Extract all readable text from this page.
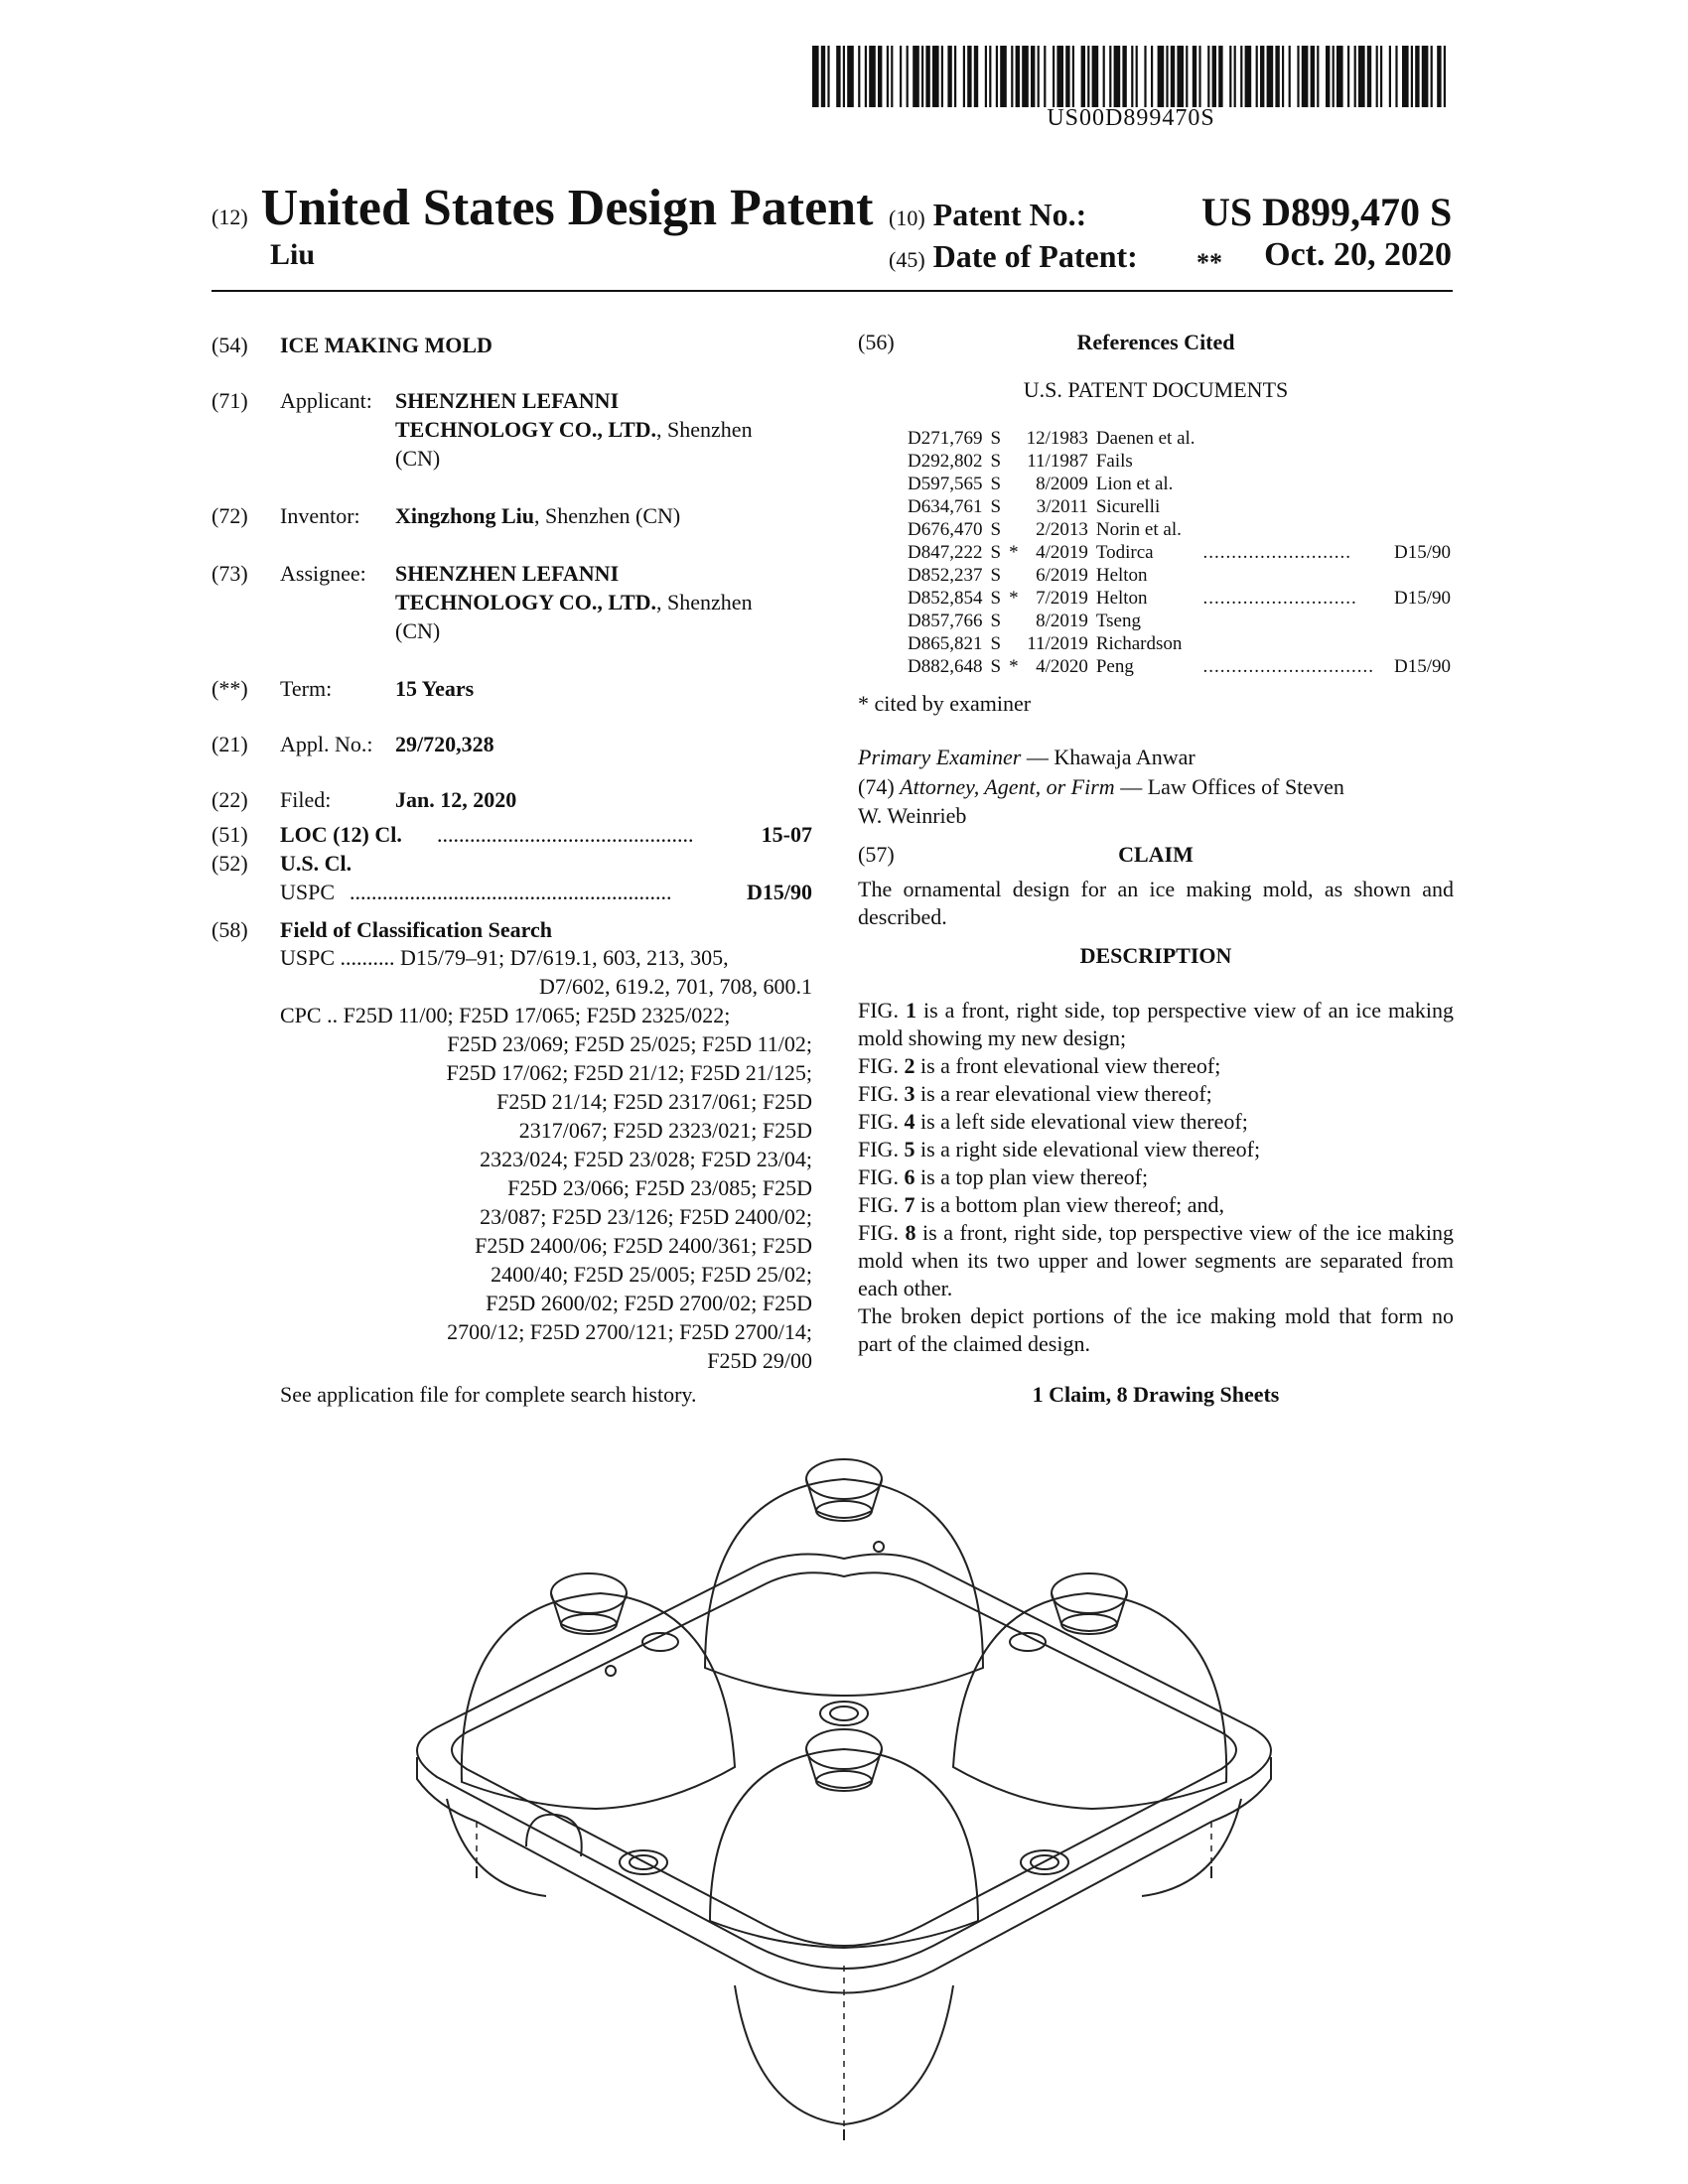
US00D899470S
(12) United States Design Patent
Liu
(10) Patent No.:	US D899,470 S
(45) Date of Patent: **	Oct. 20, 2020
(54) ICE MAKING MOLD
(71) Applicant: SHENZHEN LEFANNI
TECHNOLOGY CO., LTD., Shenzhen
(CN)
(72) Inventor: Xingzhong Liu, Shenzhen (CN)
(73) Assignee: SHENZHEN LEFANNI
TECHNOLOGY CO., LTD., Shenzhen
(CN)
(**) Term:	15 Years
(21) Appl. No.: 29/720,328
(22) Filed:	Jan. 12, 2020
(51) LOC (12) Cl. ...............................................	15-07
(52) U.S. Cl.
USPC ...........................................................	D15/90
(58) Field of Classification Search
USPC .......... D15/79–91; D7/619.1, 603, 213, 305,
D7/602, 619.2, 701, 708, 600.1
CPC .. F25D 11/00; F25D 17/065; F25D 2325/022;
F25D 23/069; F25D 25/025; F25D 11/02;
F25D 17/062; F25D 21/12; F25D 21/125;
F25D 21/14; F25D 2317/061; F25D
2317/067; F25D 2323/021; F25D
2323/024; F25D 23/028; F25D 23/04;
F25D 23/066; F25D 23/085; F25D
23/087; F25D 23/126; F25D 2400/02;
F25D 2400/06; F25D 2400/361; F25D
2400/40; F25D 25/005; F25D 25/02;
F25D 2600/02; F25D 2700/02; F25D
2700/12; F25D 2700/121; F25D 2700/14;
F25D 29/00
See application file for complete search history.
(56)	References Cited
U.S. PATENT DOCUMENTS
D271,769	S		12/1983	Daenen et al.		
D292,802	S		11/1987	Fails		
D597,565	S		8/2009	Lion et al.		
D634,761	S		3/2011	Sicurelli		
D676,470	S		2/2013	Norin et al.		
D847,222	S	*	4/2019	Todirca	..........................	D15/90
D852,237	S		6/2019	Helton		
D852,854	S	*	7/2019	Helton	...........................	D15/90
D857,766	S		8/2019	Tseng		
D865,821	S		11/2019	Richardson		
D882,648	S	*	4/2020	Peng	..............................	D15/90
* cited by examiner
Primary Examiner — Khawaja Anwar
(74) Attorney, Agent, or Firm — Law Offices of Steven
W. Weinrieb
(57)	CLAIM
The ornamental design for an ice making mold, as shown and described.
DESCRIPTION

FIG. 1 is a front, right side, top perspective view of an ice making mold showing my new design;

FIG. 2 is a front elevational view thereof;

FIG. 3 is a rear elevational view thereof;

FIG. 4 is a left side elevational view thereof;

FIG. 5 is a right side elevational view thereof;

FIG. 6 is a top plan view thereof;

FIG. 7 is a bottom plan view thereof; and,

FIG. 8 is a front, right side, top perspective view of the ice making mold when its two upper and lower segments are separated from each other.

The broken depict portions of the ice making mold that form no part of the claimed design.

1 Claim, 8 Drawing Sheets
